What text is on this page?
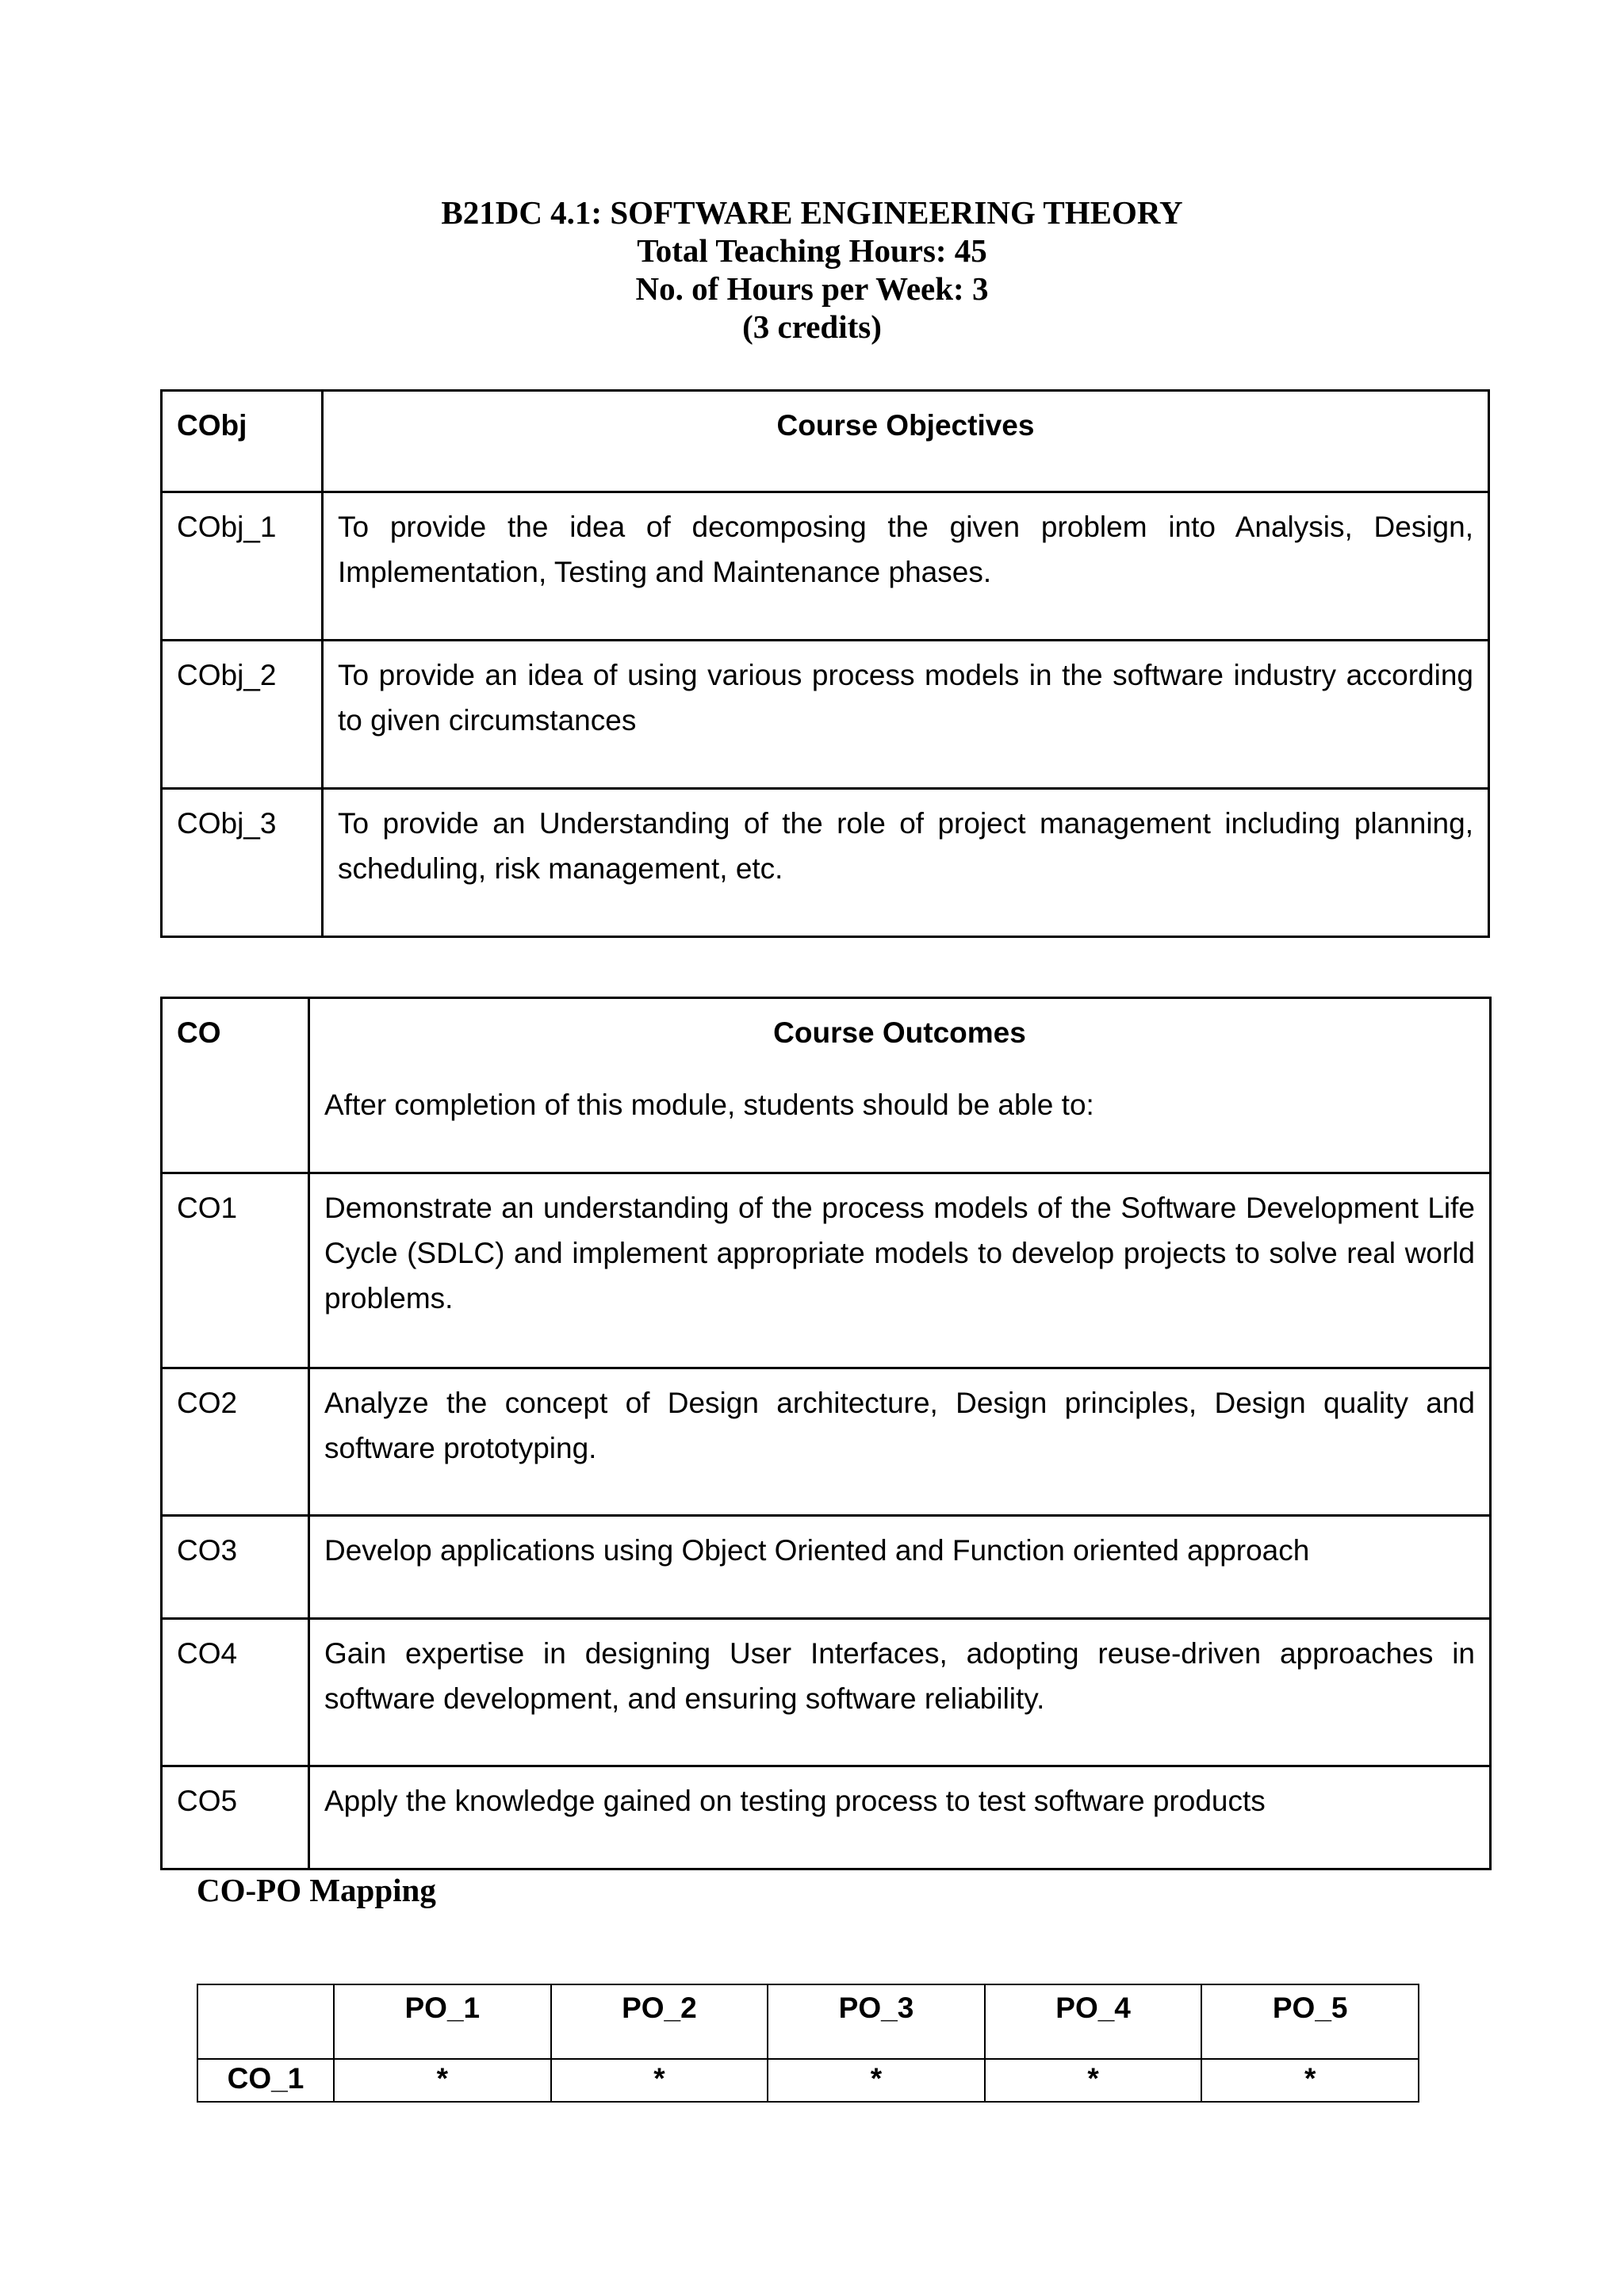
B21DC 4.1: SOFTWARE ENGINEERING THEORY
Total Teaching Hours: 45
No. of Hours per Week: 3
(3 credits)
CObj	Course Objectives
CObj_1	To provide the idea of decomposing the given problem into Analysis, Design, Implementation, Testing and Maintenance phases.
CObj_2	To provide an idea of using various process models in the software industry according to given circumstances
CObj_3	To provide an Understanding of the role of project management including planning, scheduling, risk management, etc.
CO	Course Outcomes
After completion of this module, students should be able to:

CO1	Demonstrate an understanding of the process models of the Software Development Life Cycle (SDLC) and implement appropriate models to develop projects to solve real world problems.
CO2	Analyze the concept of Design architecture, Design principles, Design quality and software prototyping.
CO3	Develop applications using Object Oriented and Function oriented approach
CO4	Gain expertise in designing User Interfaces, adopting reuse-driven approaches in software development, and ensuring software reliability.
CO5	Apply the knowledge gained on testing process to test software products
CO-PO Mapping
	PO_1	PO_2	PO_3	PO_4	PO_5
CO_1	*	*	*	*	*
